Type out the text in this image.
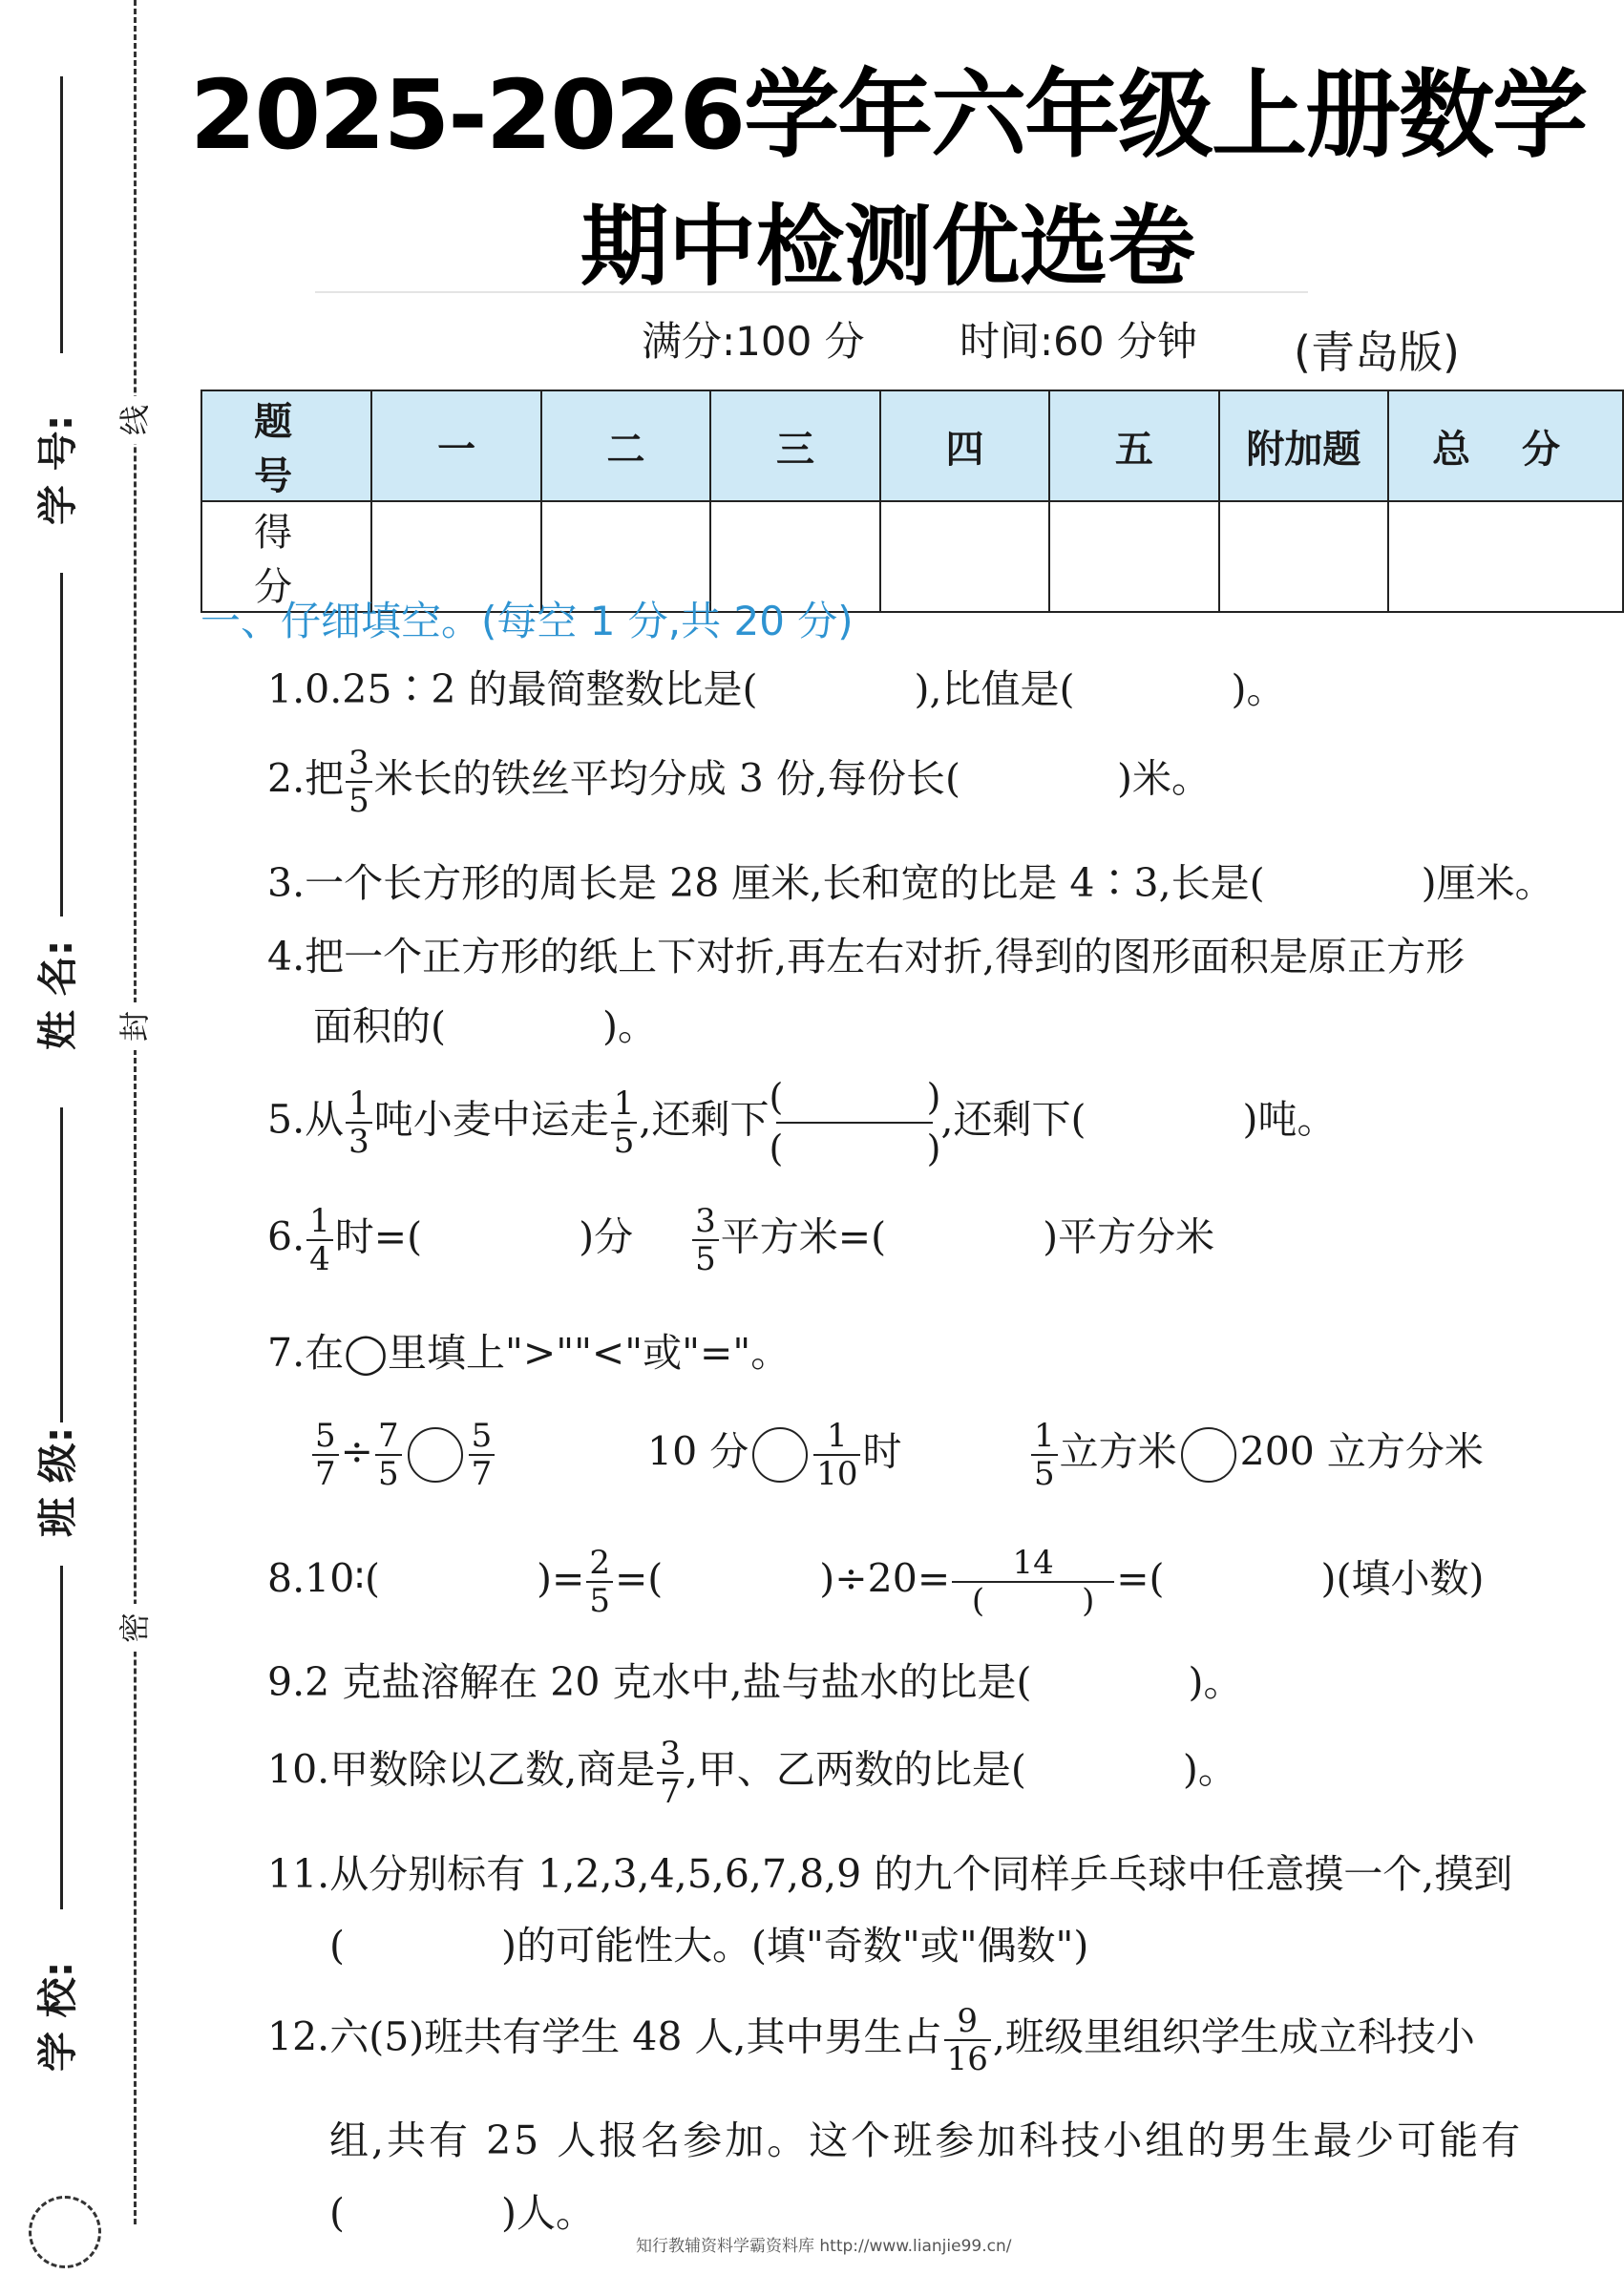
学 号:
姓 名:
班 级:
学 校:
线
封
密
2025-2026学年六年级上册数学
期中检测优选卷
满分:100 分 时间:60 分钟 (青岛版)
题 号	一	二	三	四	五	附加题	总 分
得 分							
一、仔细填空。(每空 1 分,共 20 分)
1.0.25∶2 的最简整数比是(　　　　),比值是(　　　　)。
2.把 $\frac{3}{5}$ 米长的铁丝平均分成 3 份,每份长(　　　　)米。
3.一个长方形的周长是 28 厘米,长和宽的比是 4∶3,长是(　　　　)厘米。
4.把一个正方形的纸上下对折,再左右对折,得到的图形面积是原正方形
面积的(　　　　)。
5.从 $\frac{1}{3}$ 吨小麦中运走 $\frac{1}{5}$ ,还剩下 (	)
(	)
,还剩下(　　　　)吨。
6. $\frac{1}{4}$ 时=(　　　　)分 $\frac{3}{5}$ 平方米=(　　　　)平方分米
7.在◯里填上">""<"或"="。
$\frac{5}{7} \div \frac{7}{5} \frac{5}{7}$	10 分 $\frac{1}{10}$ 时	$\frac{1}{5}$ 立方米 200 立方分米
8.10∶(　　　　)= $\frac{2}{5}$ =(　　　　)$\div 20= \frac{14}{( )}$ =(　　　　)(填小数)
9.2 克盐溶解在 20 克水中,盐与盐水的比是(　　　　)。
10.甲数除以乙数,商是 $\frac{3}{7}$ ,甲、乙两数的比是(　　　　)。
11.从分别标有 1,2,3,4,5,6,7,8,9 的九个同样乒乓球中任意摸一个,摸到
(　　　　)的可能性大。(填"奇数"或"偶数")
12.六(5)班共有学生 48 人,其中男生占 $\frac{9}{16}$ ,班级里组织学生成立科技小
组,共有 25 人报名参加。这个班参加科技小组的男生最少可能有
(　　　　)人。
知行教辅资料学霸资料库 http://www.lianjie99.cn/
